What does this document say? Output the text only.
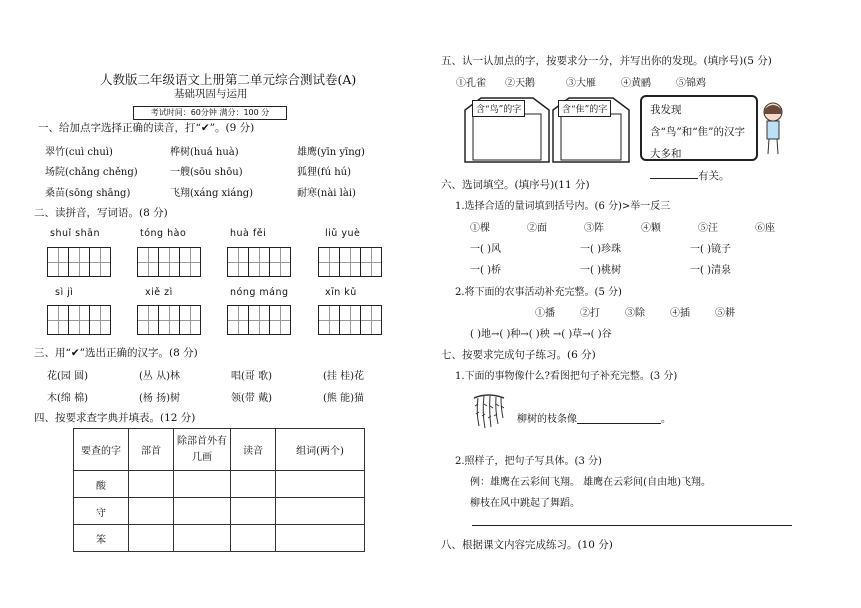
人教版二年级语文上册第二单元综合测试卷(A)
基础巩固与运用
考试时间：60分钟 满分：100 分
一、给加点字选择正确的读音，打“✔”。(9 分)
翠竹(cuì chuì)	桦树(huá huà)	雄鹰(yīn yīng)
场院(chǎng chěng)	一艘(sōu shōu)	狐狸(fú hú)
桑苗(sōng shāng)	飞翔(xáng xiáng)	耐寒(nài lài)
二、读拼音，写词语。(8 分)
shuǐ shān	tóng hào	huà fěi	liǔ yuè
sì jì	xiě zì	nóng máng	xīn kǔ
三、用“✔”选出正确的汉字。(8 分)
花(园 圆)	(丛 从)林	唱(哥 歌)	(挂 桂)花
木(绵 棉)	(杨 扬)树	领(带 戴)	(熊 能)猫
四、按要求查字典并填表。(12 分)
要查的字	部首	除部首外有几画	读音	组词(两个)
酸				
守				
笨				
五、认一认加点的字，按要求分一分，并写出你的发现。(填序号)(5 分)
①孔雀 ②天鹅	③大雁	④黄鹂	⑤锦鸡
含“鸟”的字	含“隹”的字	我发现含“鸟”和“隹”的汉字大多和
有关。
六、选词填空。(填序号)(11 分)
1.选择合适的量词填到括号内。(6 分)>举一反三
①棵	②面	③阵	④颗	⑤汪	⑥座
一( )风	一( )珍珠	一( )镜子
一( )桥	一( )桃树	一( )清泉
2.将下面的农事活动补充完整。(5 分)
①播	②打	③除	④插	⑤耕
( )地→( )种→( )秧 →( )草→( )谷
七、按要求完成句子练习。(6 分)
1.下面的事物像什么?看图把句子补充完整。(3 分)
柳树的枝条像	。
2.照样子，把句子写具体。(3 分)
例：雄鹰在云彩间飞翔。 雄鹰在云彩间(自由地)飞翔。
柳枝在风中跳起了舞蹈。
八、根据课文内容完成练习。(10 分)
